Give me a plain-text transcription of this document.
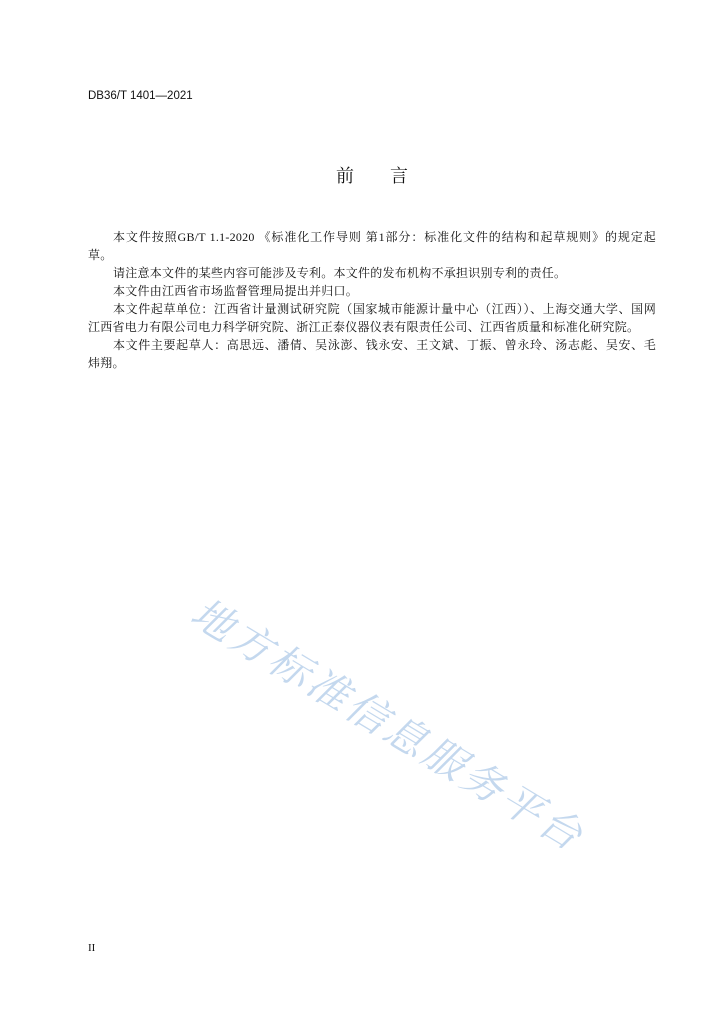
DB36/T 1401—2021
前　　言
本文件按照GB/T 1.1-2020 《标准化工作导则 第1部分：标准化文件的结构和起草规则》的规定起
草。
请注意本文件的某些内容可能涉及专利。本文件的发布机构不承担识别专利的责任。
本文件由江西省市场监督管理局提出并归口。
本文件起草单位：江西省计量测试研究院（国家城市能源计量中心（江西））、上海交通大学、国网
江西省电力有限公司电力科学研究院、浙江正泰仪器仪表有限责任公司、江西省质量和标准化研究院。
本文件主要起草人：高思远、潘倩、吴泳澎、钱永安、王文斌、丁振、曾永玲、汤志彪、吴安、毛
炜翔。
地方标准信息服务平台
II
